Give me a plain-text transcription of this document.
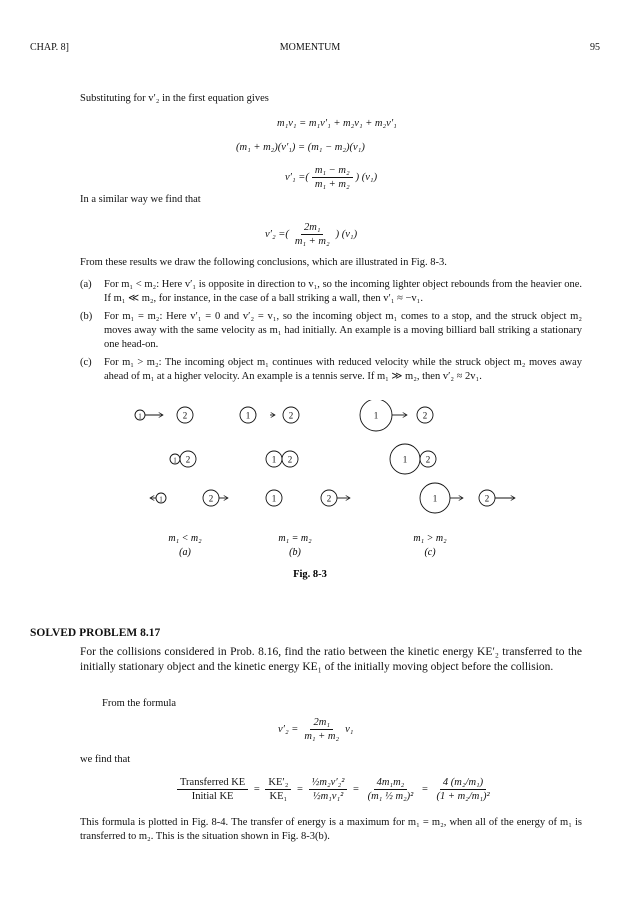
CHAP. 8]	MOMENTUM	95
Substituting for v′₂ in the first equation gives
m₁v₁ = m₁v′₁ + m₂v₁ + m₂v′₁
(m₁ + m₂)(v′₁) = (m₁ − m₂)(v₁)
v′₁ =( $\frac{\text{m₁ − m₂}}{\text{m₁ + m₂}}$ ) (v₁)
In a similar way we find that
v′₂ =( $\frac{\text{2m₁}}{\text{m₁ + m₂}}$ ) (v₁)
From these results we draw the following conclusions, which are illustrated in Fig. 8-3.
(a) For m₁ < m₂: Here v′₁ is opposite in direction to v₁, so the incoming lighter object rebounds from the heavier one. If m₁ ≪ m₂, for instance, in the case of a ball striking a wall, then v′₁ ≈ −v₁.
(b) For m₁ = m₂: Here v′₁ = 0 and v′₂ = v₁, so the incoming object m₁ comes to a stop, and the struck object m₂ moves away with the same velocity as m₁ had initially. An example is a moving billiard ball striking a stationary one head-on.
(c) For m₁ > m₂: The incoming object m₁ continues with reduced velocity while the struck object m₂ moves away ahead of m₁ at a higher velocity. An example is a tennis serve. If m₁ ≫ m₂, then v′₂ ≈ 2v₁.
1	2	1	2	1	2
1 2	1 2	1 2
1	2	1	2	1	2
m₁ < m₂
(a)
m₁ = m₂
(b)
m₁ > m₂
(c)
Fig. 8-3
SOLVED PROBLEM 8.17
For the collisions considered in Prob. 8.16, find the ratio between the kinetic energy KE′₂ transferred to the initially stationary object and the kinetic energy KE₁ of the initially moving object before the collision.
From the formula
$v'_2 = \frac{\text{2m₁}}{\text{m₁ + m₂}} v_1$
we find that
$\frac{\text{Transferred KE}}{\text{Initial KE}} = \frac{\text{KE′₂}}{\text{KE₁}} = \frac{\text{½m₂v′₂²}}{\text{½m₁v₁²}} = \frac{\text{4m₁m₂}}{\text{(m₁ ½ m₂)²}} = \frac{\text{4 (m₂/m₁)}}{\text{(1 + m₂/m₁)²}}$
This formula is plotted in Fig. 8-4. The transfer of energy is a maximum for m₁ = m₂, when all of the energy of m₁ is transferred to m₂. This is the situation shown in Fig. 8-3(b).
